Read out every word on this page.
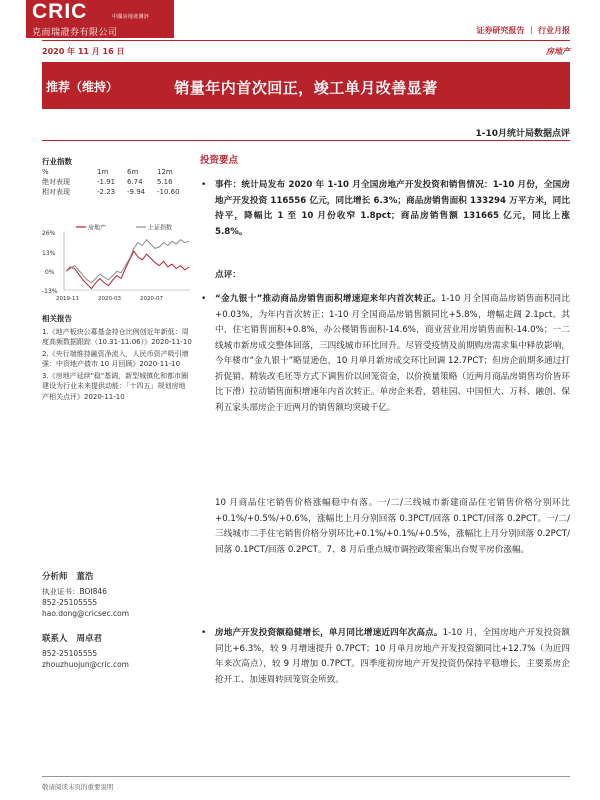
CRIC	中國房地產測評
克而瑞證券有限公司	证券研究报告 ｜ 行业月报
2020 年 11 月 16 日	房地产
推荐（维持）	销量年内首次回正，竣工单月改善显著
1-10月统计局数据点评
行业指数
%	1m	6m	12m
绝对表现	-1.91	6.74	5.16
相对表现	-2.23	-9.94	-10.60
房地产	上证指数
26%
13%
0%
-13%
2019-11	2020-03	2020-07
相关报告
1.《地产板块公募基金持仓比例创近年新低：周度高频数据跟踪（10.31-11.06）》2020-11-10
2.《央行端维持融资净流入，人民币资产吸引增强：中资地产债市 10 月回顾》2020-11-10
3.《房地产延续"稳"基调，新型城镇化和都市圈建设为行业未来提供动能：「十四五」规划房地产相关点评》2020-11-10
分析师 董浩
执业证书：BOI846
852-25105555
hao.dong@cricsec.com
联系人 周卓君
852-25105555
zhouzhuojun@cric.com
投资要点
• 事件：统计局发布 2020 年 1-10 月全国房地产开发投资和销售情况：1-10 月份，全国房地产开发投资 116556 亿元，同比增长 6.3%；商品房销售面积 133294 万平方米，同比持平，降幅比 1 至 10 月份收窄 1.8pct；商品房销售额 131665 亿元，同比上涨 5.8%。
点评：
• “金九银十”推动商品房销售面积增速迎来年内首次转正。1-10 月全国商品房销售面积同比+0.03%，为年内首次转正；1-10 月全国商品房销售额同比+5.8%，增幅走阔 2.1pct。其中，住宅销售面积+0.8%，办公楼销售面积-14.6%，商业营业用房销售面积-14.0%；一二线城市新房成交整体回落，三四线城市环比回升。尽管受疫情及前期购房需求集中释放影响，今年楼市“金九银十”略显逊色，10 月单月新房成交环比回调 12.7PCT；但房企前期多通过打折促销、精装改毛坯等方式下调售价以回笼资金，以价换量策略（近两月商品房销售均价皆环比下滑）拉动销售面积增速年内首次转正。单房企来看，碧桂园、中国恒大、万科、融创、保利五家头部房企于近两月的销售额均突破千亿。
10 月商品住宅销售价格涨幅稳中有落。一/二/三线城市新建商品住宅销售价格分别环比 +0.1%/+0.5%/+0.6%，涨幅比上月分别回落 0.3PCT/回落 0.1PCT/回落 0.2PCT。一/二/三线城市二手住宅销售价格分别环比+0.1%/+0.1%/+0.5%，涨幅比上月分别回落 0.2PCT/回落 0.1PCT/回落 0.2PCT。7、8 月后重点城市调控政策密集出台熨平房价涨幅。
• 房地产开发投资额稳健增长，单月同比增速近四年次高点。1-10 月，全国房地产开发投资额同比+6.3%，较 9 月增速提升 0.7PCT；10 月单月房地产开发投资额同比+12.7%（为近四年来次高点），较 9 月增加 0.7PCT。四季度初房地产开发投资仍保持平稳增长，主要系房企抢开工、加速周转回笼资金所致。
敬请阅读末页的重要说明
